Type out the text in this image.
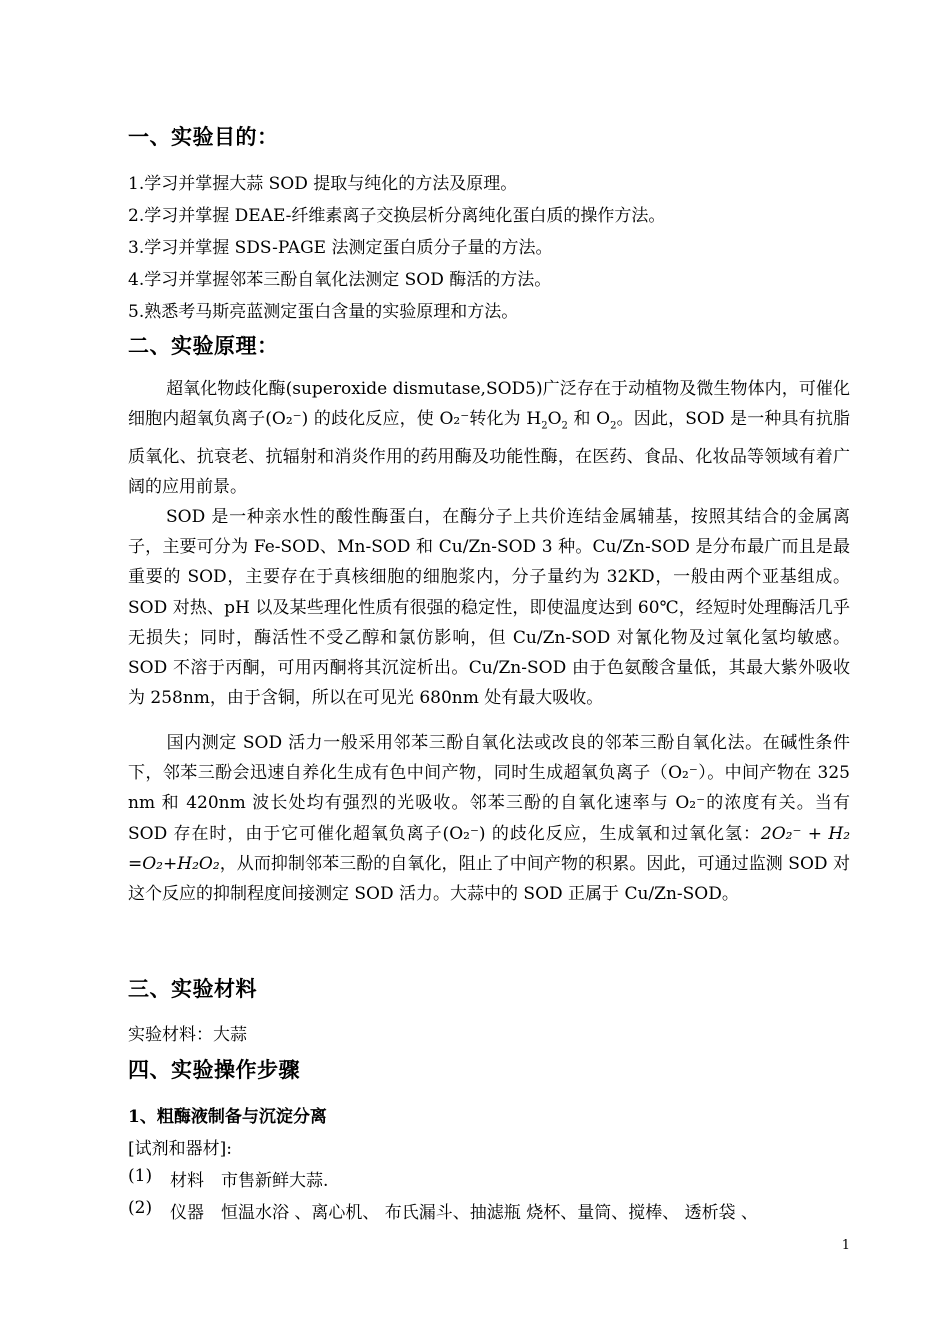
一、实验目的：
1.学习并掌握大蒜 SOD 提取与纯化的方法及原理。
2.学习并掌握 DEAE-纤维素离子交换层析分离纯化蛋白质的操作方法。
3.学习并掌握 SDS-PAGE 法测定蛋白质分子量的方法。
4.学习并掌握邻苯三酚自氧化法测定 SOD 酶活的方法。
5.熟悉考马斯亮蓝测定蛋白含量的实验原理和方法。
二、实验原理：
超氧化物歧化酶(superoxide dismutase,SOD5)广泛存在于动植物及微生物体内，可催化细胞内超氧负离子(O₂⁻) 的歧化反应，使 O₂⁻转化为 $H_2O_2$ 和 $O_2$。因此，SOD 是一种具有抗脂质氧化、抗衰老、抗辐射和消炎作用的药用酶及功能性酶，在医药、食品、化妆品等领域有着广阔的应用前景。
SOD 是一种亲水性的酸性酶蛋白，在酶分子上共价连结金属辅基，按照其结合的金属离子，主要可分为 Fe-SOD、Mn-SOD 和 Cu/Zn-SOD 3 种。Cu/Zn-SOD 是分布最广而且是最重要的 SOD，主要存在于真核细胞的细胞浆内，分子量约为 32KD，一般由两个亚基组成。SOD 对热、pH 以及某些理化性质有很强的稳定性，即使温度达到 60℃，经短时处理酶活几乎无损失；同时，酶活性不受乙醇和氯仿影响，但 Cu/Zn-SOD 对氰化物及过氧化氢均敏感。SOD 不溶于丙酮，可用丙酮将其沉淀析出。Cu/Zn-SOD 由于色氨酸含量低，其最大紫外吸收为 258nm，由于含铜，所以在可见光 680nm 处有最大吸收。
国内测定 SOD 活力一般采用邻苯三酚自氧化法或改良的邻苯三酚自氧化法。在碱性条件下，邻苯三酚会迅速自养化生成有色中间产物，同时生成超氧负离子（O₂⁻）。中间产物在 325 nm 和 420nm 波长处均有强烈的光吸收。邻苯三酚的自氧化速率与 O₂⁻的浓度有关。当有 SOD 存在时，由于它可催化超氧负离子(O₂⁻) 的歧化反应，生成氧和过氧化氢：2O₂⁻ + H₂ =O₂+H₂O₂，从而抑制邻苯三酚的自氧化，阻止了中间产物的积累。因此，可通过监测 SOD 对这个反应的抑制程度间接测定 SOD 活力。大蒜中的 SOD 正属于 Cu/Zn-SOD。
三、实验材料
实验材料：大蒜
四、实验操作步骤
1、粗酶液制备与沉淀分离
[试剂和器材]:
(1) 材料　市售新鲜大蒜.
(2) 仪器　恒温水浴 、离心机、 布氏漏斗、抽滤瓶 烧杯、量筒、搅棒、 透析袋 、
1
